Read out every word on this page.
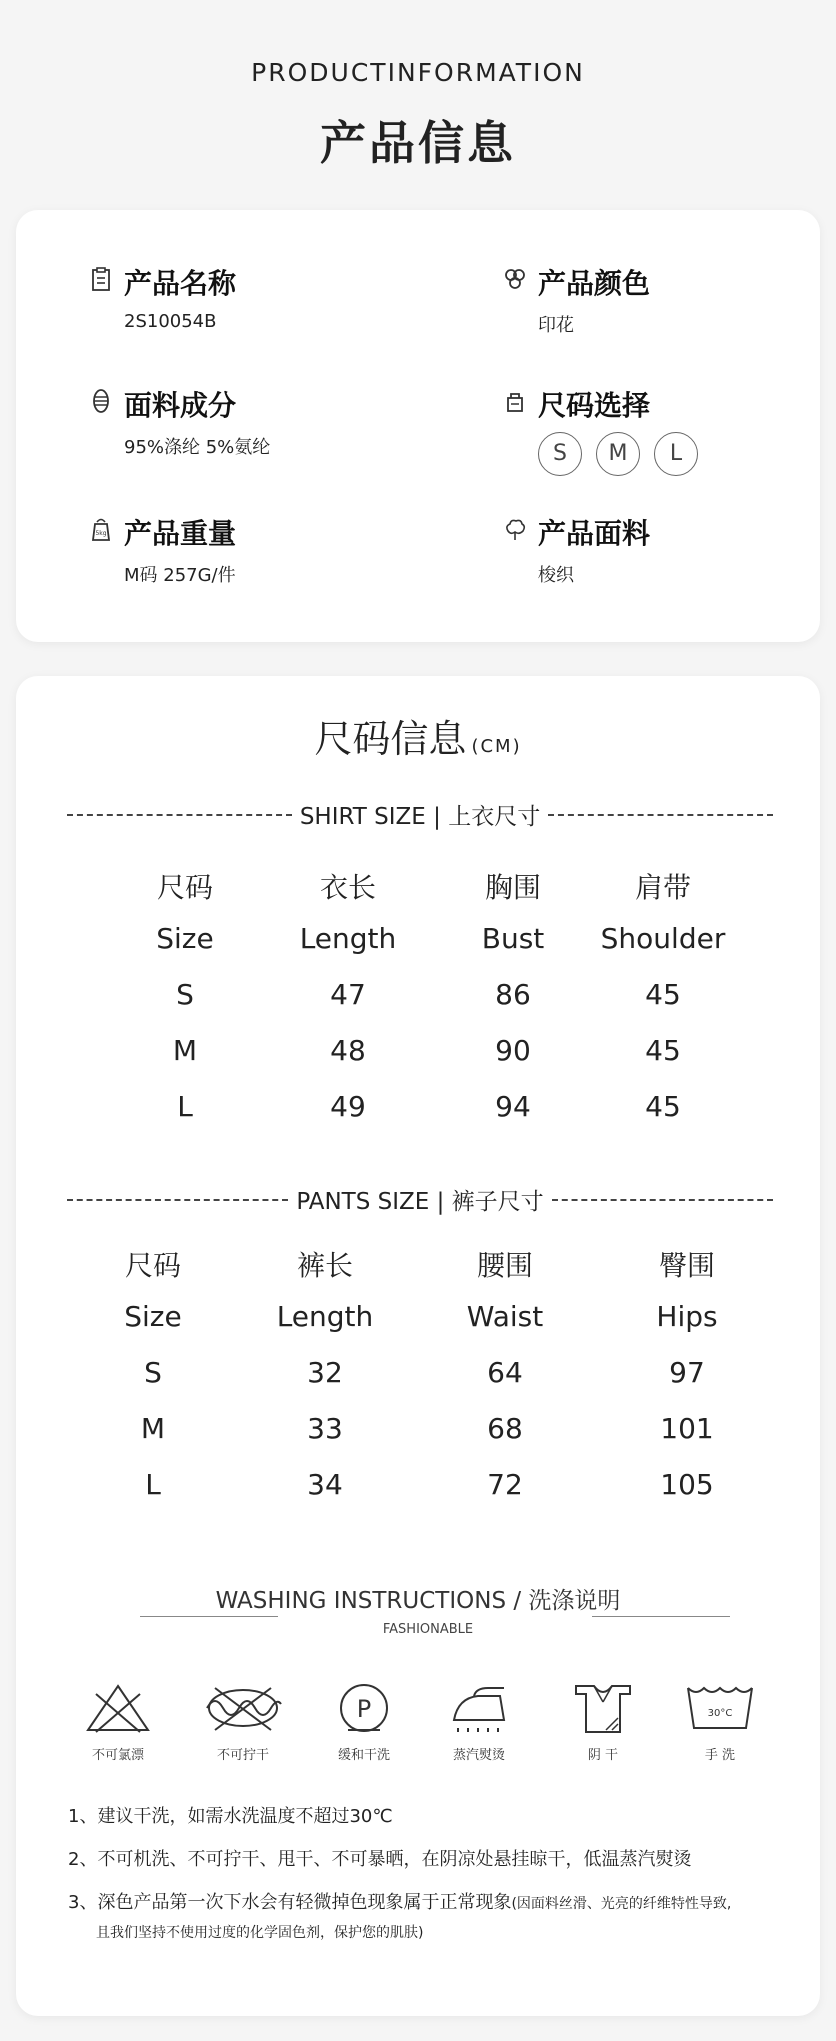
PRODUCTINFORMATION
产品信息
产品名称
2S10054B
产品颜色
印花
面料成分
95%涤纶 5%氨纶
尺码选择
S	M	L
5kg 产品重量
M码 257G/件
产品面料
梭织
尺码信息 (CM)
SHIRT SIZE | 上衣尺寸
尺码	衣长	胸围	肩带
Size	Length	Bust	Shoulder
S	47	86	45
M	48	90	45
L	49	94	45
PANTS SIZE | 裤子尺寸
尺码	裤长	腰围	臀围
Size	Length	Waist	Hips
S	32	64	97
M	33	68	101
L	34	72	105
WASHING INSTRUCTIONS / 洗涤说明
FASHIONABLE
不可氯漂	不可拧干
P
缓和干洗	蒸汽熨烫	阴 干
30°C
手 洗
1、建议干洗，如需水洗温度不超过30℃
2、不可机洗、不可拧干、甩干、不可暴晒，在阴凉处悬挂晾干，低温蒸汽熨烫
3、深色产品第一次下水会有轻微掉色现象属于正常现象(因面料丝滑、光亮的纤维特性导致,
且我们坚持不使用过度的化学固色剂，保护您的肌肤)
